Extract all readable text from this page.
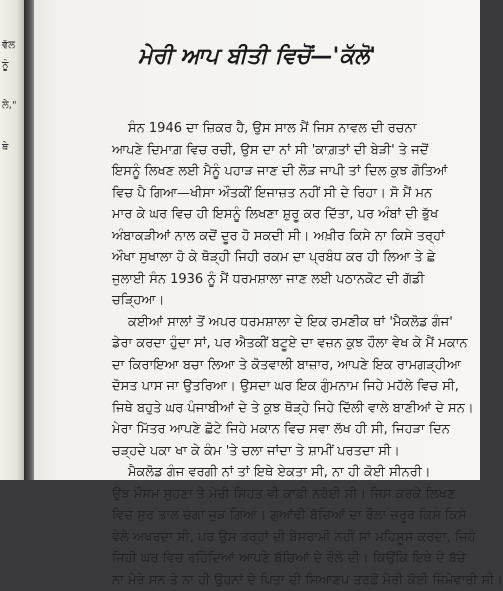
ਵੱਲ
ਨੂੰ
ਲੇ,"
ਥੇ
ਮੇਰੀ ਆਪ ਬੀਤੀ ਵਿਚੋਂ—'ਕੱਲੋ'
ਸੰਨ 1946 ਦਾ ਜ਼ਿਕਰ ਹੈ, ਉਸ ਸਾਲ ਮੈਂ ਜਿਸ ਨਾਵਲ ਦੀ ਰਚਨਾ
ਆਪਣੇ ਦਿਮਾਗ਼ ਵਿਚ ਰਚੀ, ਉਸ ਦਾ ਨਾਂ ਸੀ 'ਕਾਗ਼ਤਾਂ ਦੀ ਬੇੜੀ' ਤੇ ਜਦੋਂ
ਇਸਨੂੰ ਲਿਖਣ ਲਈ ਮੈਨੂੰ ਪਹਾੜ ਜਾਣ ਦੀ ਲੋੜ ਜਾਪੀ ਤਾਂ ਦਿਲ ਕੁਝ ਗੋਤਿਆਂ
ਵਿਚ ਪੈ ਗਿਆ—ਖੀਸਾ ਔਤਕੀਂ ਇਜਾਜ਼ਤ ਨਹੀਂ ਸੀ ਦੇ ਰਿਹਾ। ਸੋ ਮੈਂ ਮਨ
ਮਾਰ ਕੇ ਘਰ ਵਿਚ ਹੀ ਇਸਨੂੰ ਲਿਖਣਾ ਸ਼ੁਰੂ ਕਰ ਦਿੱਤਾ, ਪਰ ਅੰਬਾਂ ਦੀ ਭੁੱਖ
ਅੰਬਾਕੜੀਆਂ ਨਾਲ ਕਦੋਂ ਦੂਰ ਹੋ ਸਕਦੀ ਸੀ। ਅਖ਼ੀਰ ਕਿਸੇ ਨਾ ਕਿਸੇ ਤਰ੍ਹਾਂ
ਔਖਾ ਸੁਖਾਲਾ ਹੋ ਕੇ ਥੋੜ੍ਹੀ ਜਿਹੀ ਰਕਮ ਦਾ ਪ੍ਰਬੰਧ ਕਰ ਹੀ ਲਿਆ ਤੇ ਛੇ
ਜੁਲਾਈ ਸੰਨ 1936 ਨੂੰ ਮੈਂ ਧਰਮਸ਼ਾਲਾ ਜਾਣ ਲਈ ਪਠਾਨਕੋਟ ਦੀ ਗੱਡੀ
ਚੜ੍ਹਿਆ।
ਕਈਆਂ ਸਾਲਾਂ ਤੋਂ ਅਪਰ ਧਰਮਸ਼ਾਲਾ ਦੇ ਇਕ ਰਮਣੀਕ ਥਾਂ 'ਮੈਕਲੋਡ ਗੰਜ'
ਡੇਰਾ ਕਰਦਾ ਹੁੰਦਾ ਸਾਂ, ਪਰ ਐਤਕੀਂ ਬਟੂਏ ਦਾ ਵਜ਼ਨ ਕੁਝ ਹੌਲਾ ਵੇਖ ਕੇ ਮੈਂ ਮਕਾਨ
ਦਾ ਕਿਰਾਇਆ ਬਚਾ ਲਿਆ ਤੇ ਕੋਤਵਾਲੀ ਬਾਜ਼ਾਰ, ਆਪਣੇ ਇਕ ਰਾਮਗੜ੍ਹੀਆ
ਦੋਸਤ ਪਾਸ ਜਾ ਉਤਰਿਆ। ਉਸਦਾ ਘਰ ਇਕ ਗੁੰਮਨਾਮ ਜਿਹੇ ਮਹੱਲੇ ਵਿਚ ਸੀ,
ਜਿਥੇ ਬਹੁਤੇ ਘਰ ਪੰਜਾਬੀਆਂ ਦੇ ਤੇ ਕੁਝ ਥੋੜ੍ਹੇ ਜਿਹੇ ਦਿੱਲੀ ਵਾਲੇ ਬਾਣੀਆਂ ਦੇ ਸਨ।
ਮੇਰਾ ਮਿੱਤਰ ਆਪਣੇ ਛੋਟੇ ਜਿਹੇ ਮਕਾਨ ਵਿਚ ਸਵਾ ਲੱਖ ਹੀ ਸੀ, ਜਿਹੜਾ ਦਿਨ
ਚੜ੍ਹਦੇ ਪਕਾ ਖਾ ਕੇ ਕੰਮ 'ਤੇ ਚਲਾ ਜਾਂਦਾ ਤੇ ਸ਼ਾਮੀਂ ਪਰਤਦਾ ਸੀ।
ਮੈਕਲੋਡ ਗੰਜ ਵਰਗੀ ਨਾਂ ਤਾਂ ਇਥੇ ਏਕਤਾ ਸੀ, ਨਾ ਹੀ ਕੋਈ ਸੀਨਰੀ।
ਉਝ ਮੌਸਮ ਸੁਹਣਾ ਤੇ ਮੇਰੀ ਸਿਹਤ ਵੀ ਕਾਫ਼ੀ ਨਰੋਈ ਸੀ। ਜਿਸ ਕਰਕੇ ਲਿਖਣ
ਵਿਚ ਸੁਰ ਤਾਲ ਚੰਗਾ ਜੁੜ ਗਿਆ। ਗੁਆਂਢੀ ਬੱਚਿਆਂ ਦਾ ਰੌਲਾ ਜ਼ਰੂਰ ਕਿਸੇ ਕਿਸੇ
ਵੇਲੇ ਅਖਰਦਾ ਸੀ, ਪਰ ਉਸ ਤਰ੍ਹਾਂ ਦੀ ਬੇਸਰਾਮੀ ਨਹੀਂ ਸਾਂ ਮਹਿਸੂਸ ਕਰਦਾ, ਜਿਹੋ
ਜਿਹੀ ਘਰ ਵਿਚ ਰਹਿੰਦਿਆਂ ਆਪਣੇ ਬੱਚਿਆਂ ਦੇ ਰੌਲੇ ਦੀ। ਕਿਉਂਕਿ ਇਥੇ ਦੇ ਬੱਚੇ
ਨਾ ਮੇਰੇ ਸਨ ਤੇ ਨਾ ਹੀ ਉਹਨਾਂ ਦੇ ਪਿਤਾ ਦੀ ਸਿਆਣਪ ਤਰਫ਼ੋਂ ਮੇਰੀ ਕੋਈ ਜ਼ਿੰਮੇਵਾਰੀ ਸੀ।
